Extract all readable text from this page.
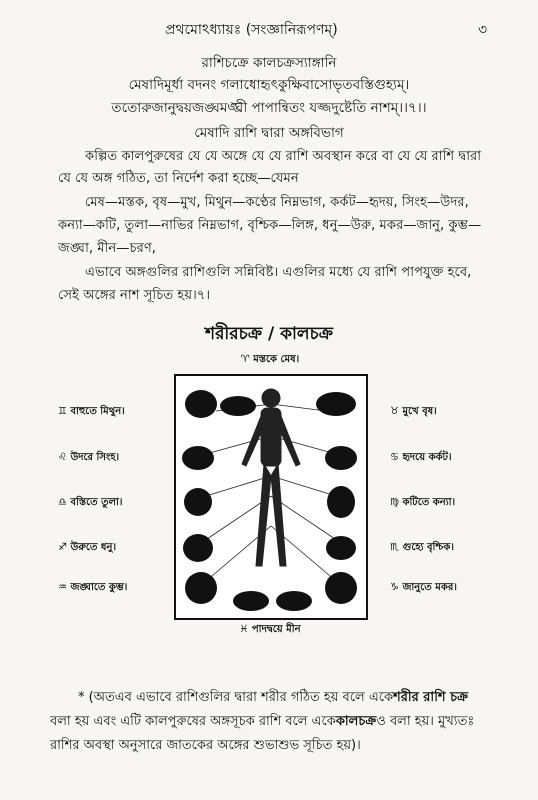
প্রথমোঽধ্যায়ঃ (সংজ্ঞানিরূপণম্)	৩
রাশিচক্রে কালচক্রস্যাঙ্গানি
মেষাদিমূর্ধা বদনং গলাধোহৃৎকুক্ষিবাসোভৃতবস্তিগুহ্যম্।
ততোরুজানুদ্বয়জঙ্ঘমঙ্ঘ্রী পাপান্বিতং যজ্জদুষ্টেতি নাশম্।।৭।।
মেষাদি রাশি দ্বারা অঙ্গবিভাগ
কল্পিত কালপুরুষের যে যে অঙ্গে যে যে রাশি অবস্থান করে বা যে যে রাশি দ্বারা
যে যে অঙ্গ গঠিত, তা নির্দেশ করা হচ্ছে—যেমন
মেষ—মস্তক, বৃষ—মুখ, মিথুন—কণ্ঠের নিম্নভাগ, কর্কট—হৃদয়, সিংহ—উদর,
কন্যা—কটি, তুলা—নাভির নিম্নভাগ, বৃশ্চিক—লিঙ্গ, ধনু—উরু, মকর—জানু, কুম্ভ—
জঙ্ঘা, মীন—চরণ,
এভাবে অঙ্গগুলির রাশিগুলি সন্নিবিষ্ট। এগুলির মধ্যে যে রাশি পাপযুক্ত হবে,
সেই অঙ্গের নাশ সূচিত হয়।৭।
শরীরচক্র / কালচক্র
♈ মস্তকে মেষ।
♊ বাহুতে মিথুন।
♌ উদরে সিংহ।
♎ বস্তিতে তুলা।
♐ উরুতে ধনু।
♒ জঙ্ঘাতে কুম্ভ।
♉ মুখে বৃষ।
♋ হৃদয়ে কর্কট।
♍ কটিতে কন্যা।
♏ গুহ্যে বৃশ্চিক।
♑ জানুতে মকর।
♓ পাদদ্বয়ে মীন
* (অতএব এভাবে রাশিগুলির দ্বারা শরীর গঠিত হয় বলে একেশরীর রাশি চক্র
বলা হয় এবং এটি কালপুরুষের অঙ্গসূচক রাশি বলে একেকালচক্রও বলা হয়। মুখ্যতঃ
রাশির অবস্থা অনুসারে জাতকের অঙ্গের শুভাশুভ সূচিত হয়)।
